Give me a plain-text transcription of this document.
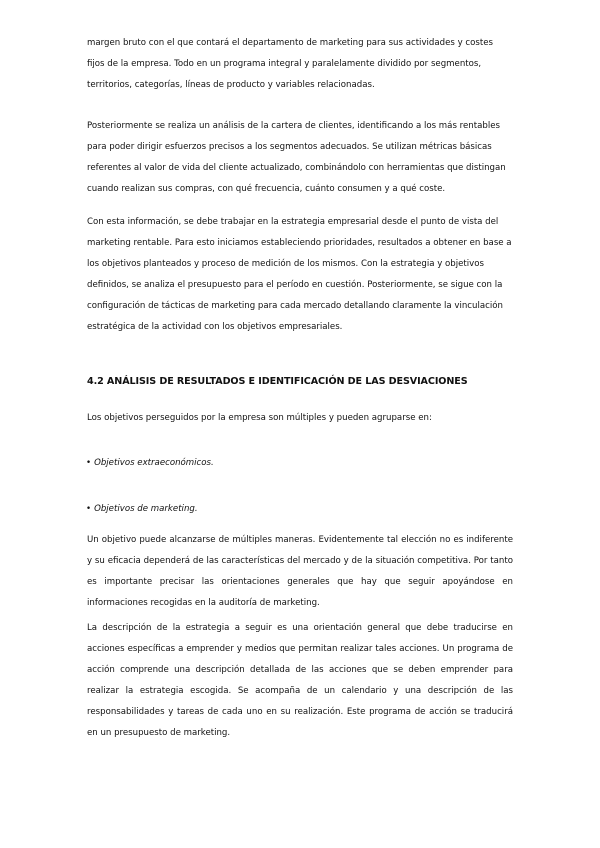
margen bruto con el que contará el departamento de marketing para sus actividades y costes fijos de la empresa. Todo en un programa integral y paralelamente dividido por segmentos, territorios, categorías, líneas de producto y variables relacionadas.

Posteriormente se realiza un análisis de la cartera de clientes, identificando a los más rentables para poder dirigir esfuerzos precisos a los segmentos adecuados. Se utilizan métricas básicas referentes al valor de vida del cliente actualizado, combinándolo con herramientas que distingan cuando realizan sus compras, con qué frecuencia, cuánto consumen y a qué coste.

Con esta información, se debe trabajar en la estrategia empresarial desde el punto de vista del marketing rentable. Para esto iniciamos estableciendo prioridades, resultados a obtener en base a los objetivos planteados y proceso de medición de los mismos. Con la estrategia y objetivos definidos, se analiza el presupuesto para el período en cuestión. Posteriormente, se sigue con la configuración de tácticas de marketing para cada mercado detallando claramente la vinculación estratégica de la actividad con los objetivos empresariales.

4.2 ANÁLISIS DE RESULTADOS E IDENTIFICACIÓN DE LAS DESVIACIONES

Los objetivos perseguidos por la empresa son múltiples y pueden agruparse en:

• Objetivos extraeconómicos.
• Objetivos de marketing.

Un objetivo puede alcanzarse de múltiples maneras. Evidentemente tal elección no es indiferente y su eficacia dependerá de las características del mercado y de la situación competitiva. Por tanto es importante precisar las orientaciones generales que hay que seguir apoyándose en informaciones recogidas en la auditoría de marketing.

La descripción de la estrategia a seguir es una orientación general que debe traducirse en acciones específicas a emprender y medios que permitan realizar tales acciones. Un programa de acción comprende una descripción detallada de las acciones que se deben emprender para realizar la estrategia escogida. Se acompaña de un calendario y una descripción de las responsabilidades y tareas de cada uno en su realización. Este programa de acción se traducirá en un presupuesto de marketing.
